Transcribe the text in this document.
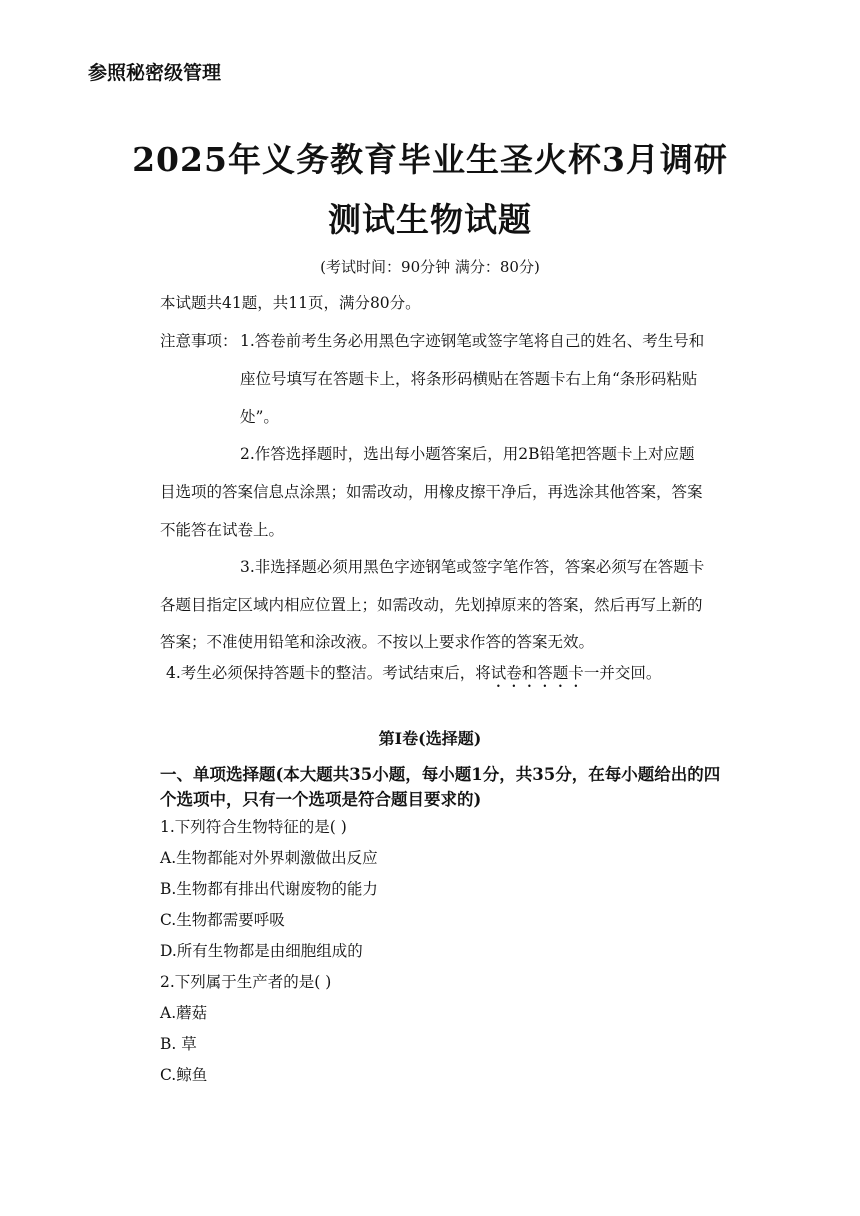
参照秘密级管理
2025年义务教育毕业生圣火杯3月调研
测试生物试题
(考试时间：90分钟 满分：80分)
本试题共41题，共11页，满分80分。
注意事项： 1.答卷前考生务必用黑色字迹钢笔或签字笔将自己的姓名、考生号和
座位号填写在答题卡上，将条形码横贴在答题卡右上角“条形码粘贴
处”。
2.作答选择题时，选出每小题答案后，用2B铅笔把答题卡上对应题
目选项的答案信息点涂黑；如需改动，用橡皮擦干净后，再选涂其他答案，答案
不能答在试卷上。
3.非选择题必须用黑色字迹钢笔或签字笔作答，答案必须写在答题卡
各题目指定区域内相应位置上；如需改动，先划掉原来的答案，然后再写上新的
答案；不准使用铅笔和涂改液。不按以上要求作答的答案无效。
4.考生必须保持答题卡的整洁。考试结束后，将试卷和答题卡一并交回。
第Ⅰ卷(选择题)
一、单项选择题(本大题共35小题，每小题1分，共35分，在每小题给出的四
个选项中，只有一个选项是符合题目要求的)
1.下列符合生物特征的是( )
A.生物都能对外界刺激做出反应
B.生物都有排出代谢废物的能力
C.生物都需要呼吸
D.所有生物都是由细胞组成的
2.下列属于生产者的是( )
A.蘑菇
B. 草
C.鲸鱼
